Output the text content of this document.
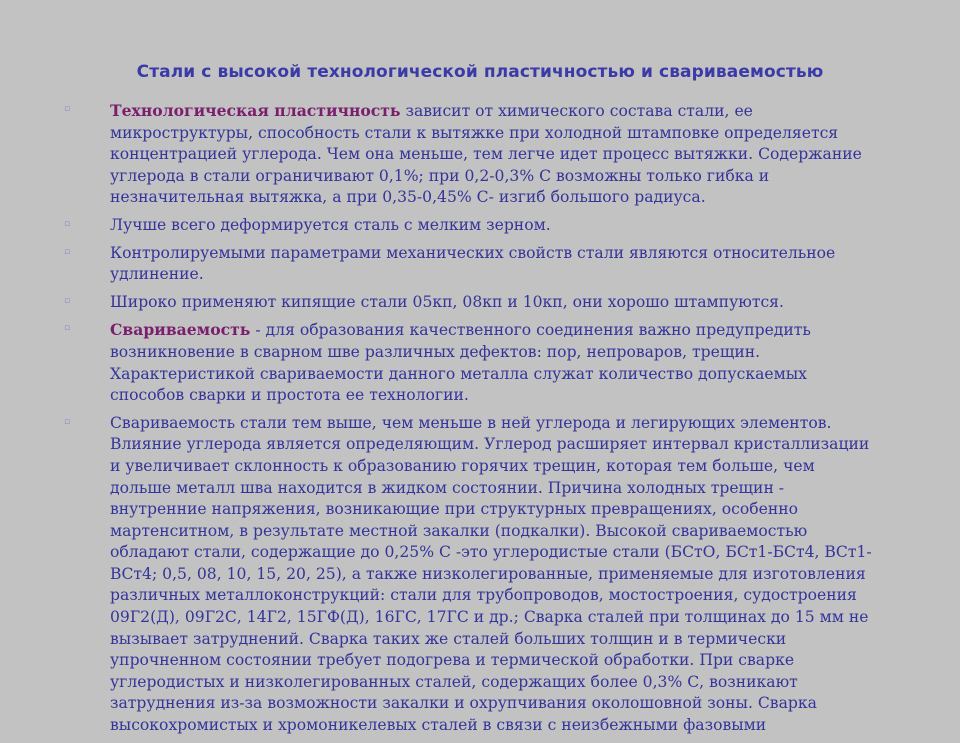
Стали с высокой технологической пластичностью и свариваемостью
▫	Технологическая пластичность зависит от химического состава стали, ее
микроструктуры, способность стали к вытяжке при холодной штамповке определяется
концентрацией углерода. Чем она меньше, тем легче идет процесс вытяжки. Содержание
углерода в стали ограничивают 0,1%; при 0,2-0,3% С возможны только гибка и
незначительная вытяжка, а при 0,35-0,45% С- изгиб большого радиуса.
▫	Лучше всего деформируется сталь с мелким зерном.
▫	Контролируемыми параметрами механических свойств стали являются относительное
удлинение.
▫	Широко применяют кипящие стали 05кп, 08кп и 10кп, они хорошо штампуются.
▫	Свариваемость - для образования качественного соединения важно предупредить
возникновение в сварном шве различных дефектов: пор, непроваров, трещин.
Характеристикой свариваемости данного металла служат количество допускаемых
способов сварки и простота ее технологии.
▫	Свариваемость стали тем выше, чем меньше в ней углерода и легирующих элементов.
Влияние углерода является определяющим. Углерод расширяет интервал кристаллизации
и увеличивает склонность к образованию горячих трещин, которая тем больше, чем
дольше металл шва находится в жидком состоянии. Причина холодных трещин -
внутренние напряжения, возникающие при структурных превращениях, особенно
мартенситном, в результате местной закалки (подкалки). Высокой свариваемостью
обладают стали, содержащие до 0,25% С -это углеродистые стали (БСтО, БСт1-БСт4, ВСт1-
ВСт4; 0,5, 08, 10, 15, 20, 25), а также низколегированные, применяемые для изготовления
различных металлоконструкций: стали для трубопроводов, мостостроения, судостроения
09Г2(Д), 09Г2С, 14Г2, 15ГФ(Д), 16ГС, 17ГС и др.; Сварка сталей при толщинах до 15 мм не
вызывает затруднений. Сварка таких же сталей больших толщин и в термически
упрочненном состоянии требует подогрева и термической обработки. При сварке
углеродистых и низколегированных сталей, содержащих более 0,3% С, возникают
затруднения из-за возможности закалки и охрупчивания околошовной зоны. Сварка
высокохромистых и хромоникелевых сталей в связи с неизбежными фазовыми
